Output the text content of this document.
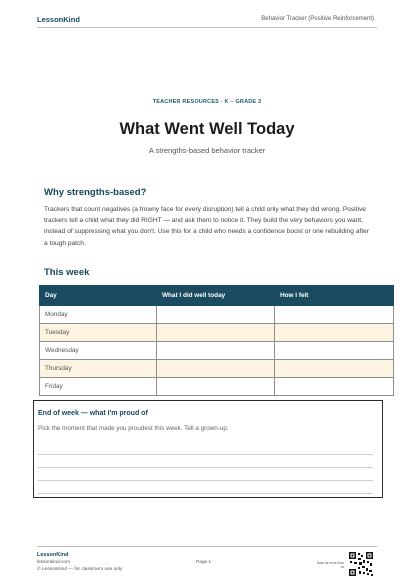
LessonKind	Behavior Tracker (Positive Reinforcement)
TEACHER RESOURCES · K – GRADE 3
What Went Well Today
A strengths-based behavior tracker
Why strengths-based?

Trackers that count negatives (a frowny face for every disruption) tell a child only what they did wrong. Positive trackers tell a child what they did RIGHT — and ask them to notice it. They build the very behaviors you want, instead of suppressing what you don't. Use this for a child who needs a confidence boost or one rebuilding after a tough patch.

This week
Day	What I did well today	How I felt
Monday		
Tuesday		
Wednesday		
Thursday		
Friday		
End of week — what I'm proud of
Pick the moment that made you proudest this week. Tell a grown-up.
LessonKind
lessonkind.com
© LessonKind — for classroom use only
Page 1	Scan for more from us
